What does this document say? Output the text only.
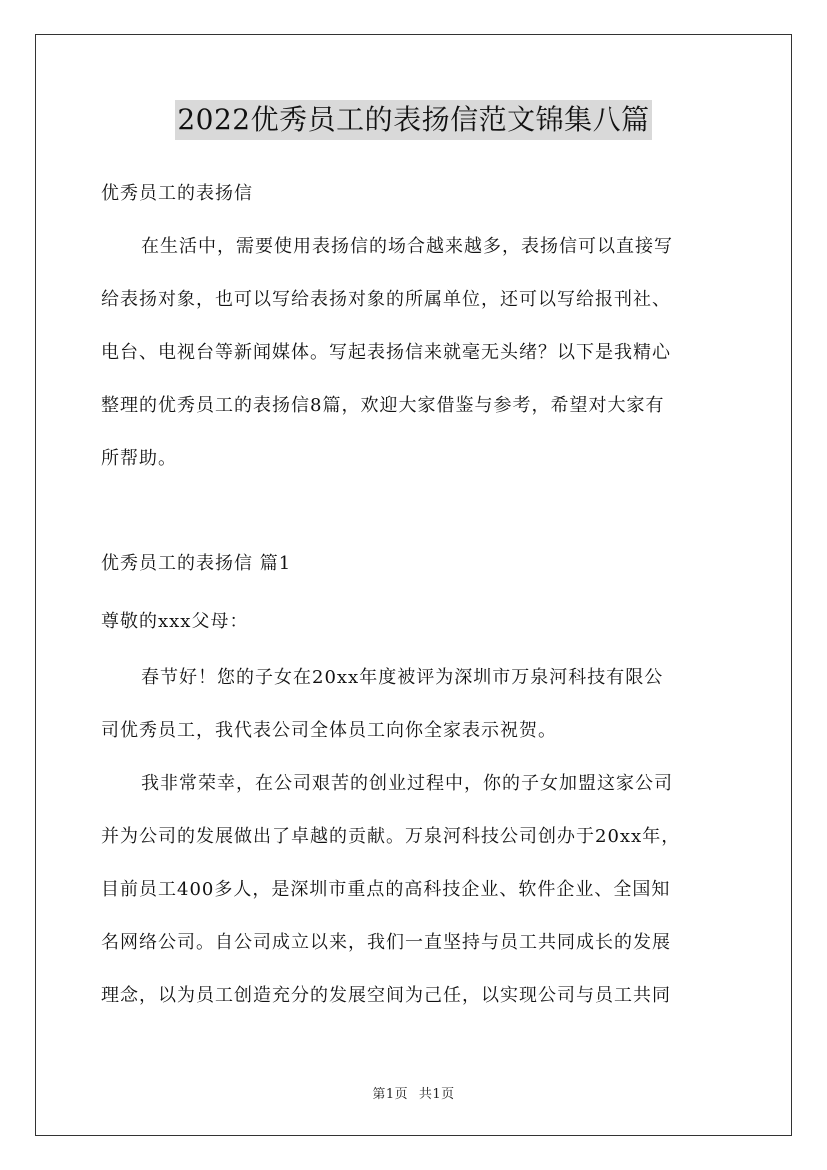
2022优秀员工的表扬信范文锦集八篇
优秀员工的表扬信
在生活中，需要使用表扬信的场合越来越多，表扬信可以直接写
给表扬对象，也可以写给表扬对象的所属单位，还可以写给报刊社、
电台、电视台等新闻媒体。写起表扬信来就毫无头绪？以下是我精心
整理的优秀员工的表扬信8篇，欢迎大家借鉴与参考，希望对大家有
所帮助。
优秀员工的表扬信 篇1
尊敬的xxx父母：
春节好！您的子女在20xx年度被评为深圳市万泉河科技有限公
司优秀员工，我代表公司全体员工向你全家表示祝贺。
我非常荣幸，在公司艰苦的创业过程中，你的子女加盟这家公司
并为公司的发展做出了卓越的贡献。万泉河科技公司创办于20xx年，
目前员工400多人，是深圳市重点的高科技企业、软件企业、全国知
名网络公司。自公司成立以来，我们一直坚持与员工共同成长的发展
理念，以为员工创造充分的发展空间为己任，以实现公司与员工共同
第1页 共1页
